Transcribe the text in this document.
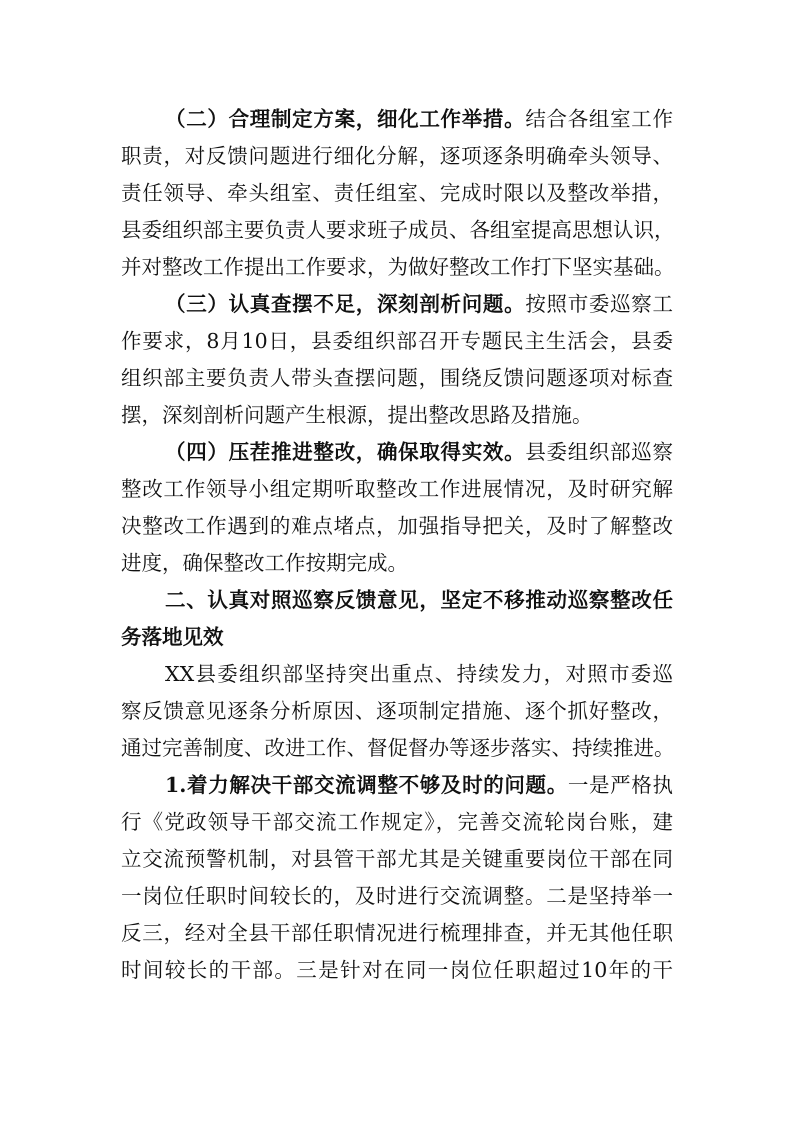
（二）合理制定方案，细化工作举措。结合各组室工作
职责，对反馈问题进行细化分解，逐项逐条明确牵头领导、
责任领导、牵头组室、责任组室、完成时限以及整改举措，
县委组织部主要负责人要求班子成员、各组室提高思想认识，
并对整改工作提出工作要求，为做好整改工作打下坚实基础。
（三）认真查摆不足，深刻剖析问题。按照市委巡察工
作要求，8月10日，县委组织部召开专题民主生活会，县委
组织部主要负责人带头查摆问题，围绕反馈问题逐项对标查
摆，深刻剖析问题产生根源，提出整改思路及措施。
（四）压茬推进整改，确保取得实效。县委组织部巡察
整改工作领导小组定期听取整改工作进展情况，及时研究解
决整改工作遇到的难点堵点，加强指导把关，及时了解整改
进度，确保整改工作按期完成。
二、认真对照巡察反馈意见，坚定不移推动巡察整改任
务落地见效
XX县委组织部坚持突出重点、持续发力，对照市委巡
察反馈意见逐条分析原因、逐项制定措施、逐个抓好整改，
通过完善制度、改进工作、督促督办等逐步落实、持续推进。
1.着力解决干部交流调整不够及时的问题。一是严格执
行《党政领导干部交流工作规定》，完善交流轮岗台账，建
立交流预警机制，对县管干部尤其是关键重要岗位干部在同
一岗位任职时间较长的，及时进行交流调整。二是坚持举一
反三，经对全县干部任职情况进行梳理排查，并无其他任职
时间较长的干部。三是针对在同一岗位任职超过10年的干
